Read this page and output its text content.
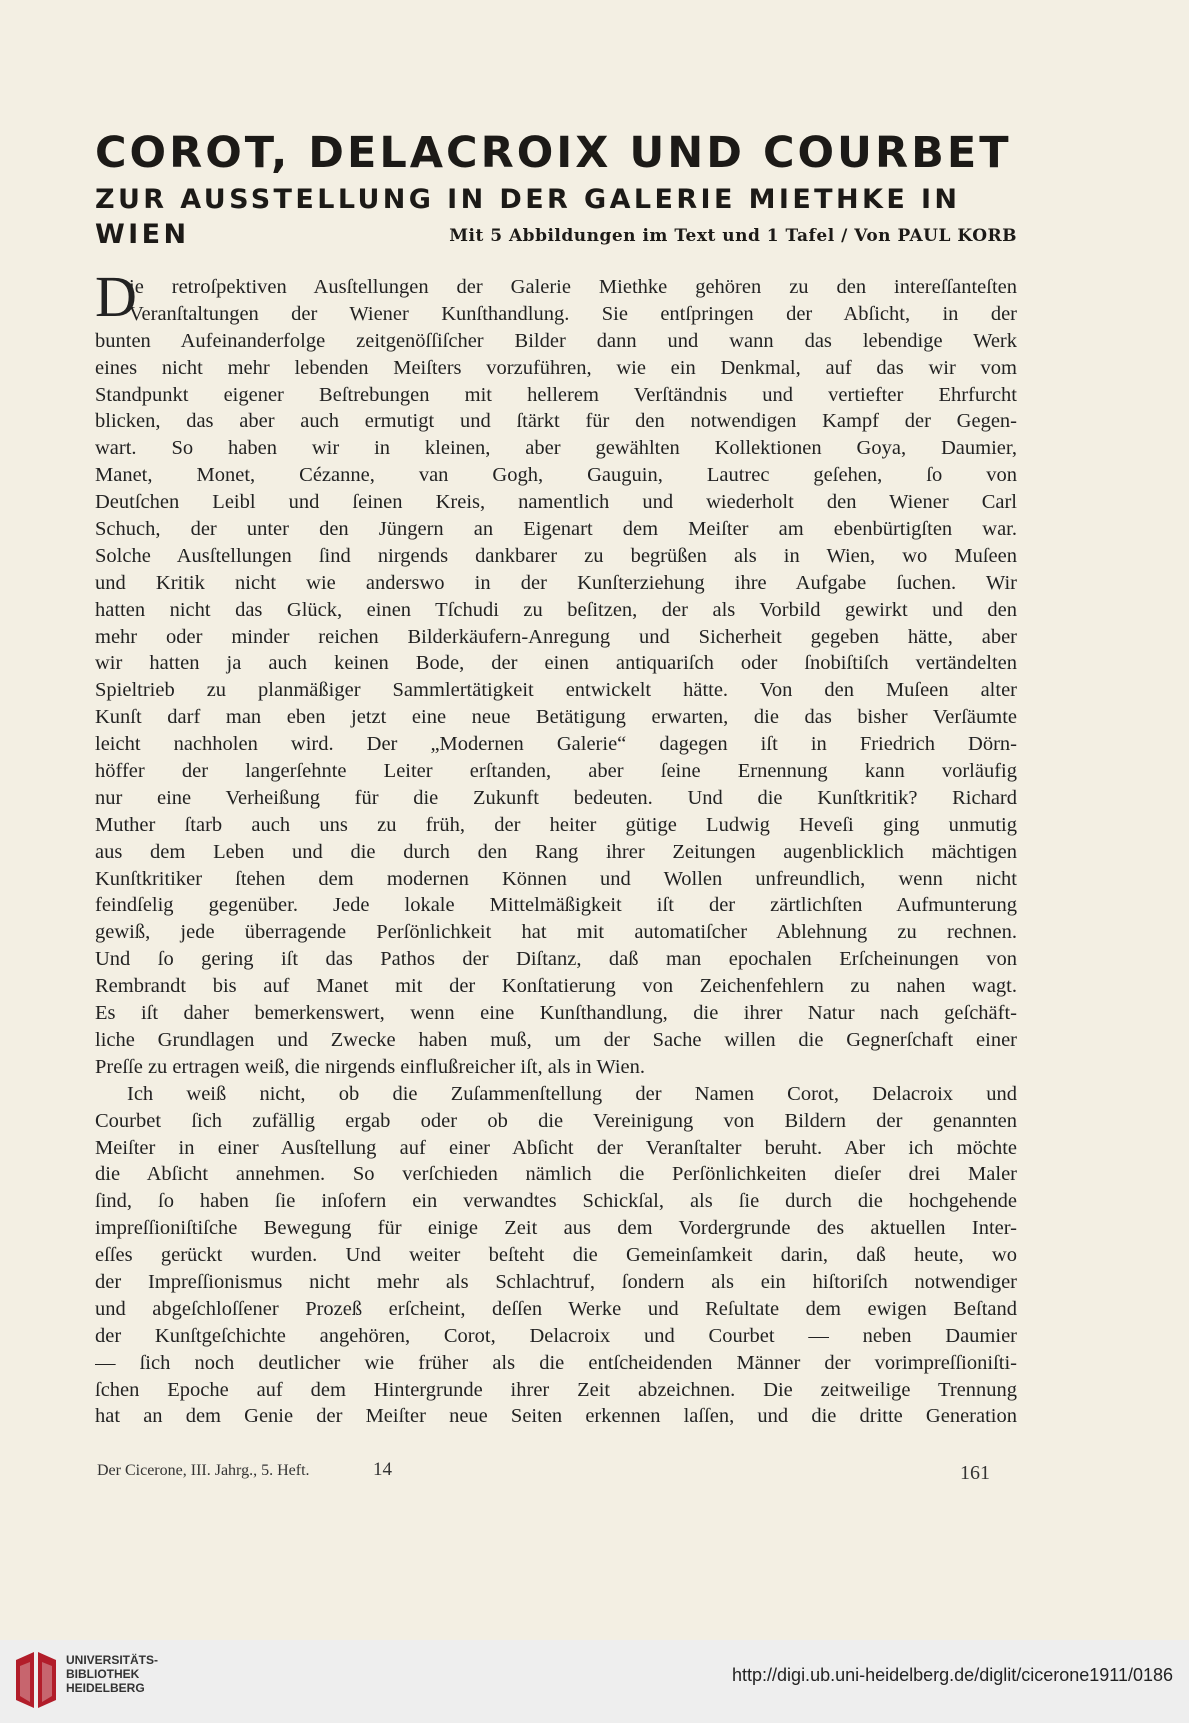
COROT, DELACROIX UND COURBET
ZUR AUSSTELLUNG IN DER GALERIE MIETHKE IN
WIEN	Mit 5 Abbildungen im Text und 1 Tafel / Von PAUL KORB
D
ie retroſpektiven Ausſtellungen der Galerie Miethke gehören zu den intereſſanteſten
Veranſtaltungen der Wiener Kunſthandlung. Sie entſpringen der Abſicht, in der
bunten Aufeinanderfolge zeitgenöſſiſcher Bilder dann und wann das lebendige Werk
eines nicht mehr lebenden Meiſters vorzuführen, wie ein Denkmal, auf das wir vom
Standpunkt eigener Beſtrebungen mit hellerem Verſtändnis und vertiefter Ehrfurcht
blicken, das aber auch ermutigt und ſtärkt für den notwendigen Kampf der Gegen-
wart. So haben wir in kleinen, aber gewählten Kollektionen Goya, Daumier,
Manet, Monet, Cézanne, van Gogh, Gauguin, Lautrec geſehen, ſo von
Deutſchen Leibl und ſeinen Kreis, namentlich und wiederholt den Wiener Carl
Schuch, der unter den Jüngern an Eigenart dem Meiſter am ebenbürtigſten war.
Solche Ausſtellungen ſind nirgends dankbarer zu begrüßen als in Wien, wo Muſeen
und Kritik nicht wie anderswo in der Kunſterziehung ihre Aufgabe ſuchen. Wir
hatten nicht das Glück, einen Tſchudi zu beſitzen, der als Vorbild gewirkt und den
mehr oder minder reichen Bilderkäufern-Anregung und Sicherheit gegeben hätte, aber
wir hatten ja auch keinen Bode, der einen antiquariſch oder ſnobiſtiſch vertändelten
Spieltrieb zu planmäßiger Sammlertätigkeit entwickelt hätte. Von den Muſeen alter
Kunſt darf man eben jetzt eine neue Betätigung erwarten, die das bisher Verſäumte
leicht nachholen wird. Der „Modernen Galerie“ dagegen iſt in Friedrich Dörn-
höffer der langerſehnte Leiter erſtanden, aber ſeine Ernennung kann vorläufig
nur eine Verheißung für die Zukunft bedeuten. Und die Kunſtkritik? Richard
Muther ſtarb auch uns zu früh, der heiter gütige Ludwig Heveſi ging unmutig
aus dem Leben und die durch den Rang ihrer Zeitungen augenblicklich mächtigen
Kunſtkritiker ſtehen dem modernen Können und Wollen unfreundlich, wenn nicht
feindſelig gegenüber. Jede lokale Mittelmäßigkeit iſt der zärtlichſten Aufmunterung
gewiß, jede überragende Perſönlichkeit hat mit automatiſcher Ablehnung zu rechnen.
Und ſo gering iſt das Pathos der Diſtanz, daß man epochalen Erſcheinungen von
Rembrandt bis auf Manet mit der Konſtatierung von Zeichenfehlern zu nahen wagt.
Es iſt daher bemerkenswert, wenn eine Kunſthandlung, die ihrer Natur nach geſchäft-
liche Grundlagen und Zwecke haben muß, um der Sache willen die Gegnerſchaft einer
Preſſe zu ertragen weiß, die nirgends einflußreicher iſt, als in Wien.
Ich weiß nicht, ob die Zuſammenſtellung der Namen Corot, Delacroix und
Courbet ſich zufällig ergab oder ob die Vereinigung von Bildern der genannten
Meiſter in einer Ausſtellung auf einer Abſicht der Veranſtalter beruht. Aber ich möchte
die Abſicht annehmen. So verſchieden nämlich die Perſönlichkeiten dieſer drei Maler
ſind, ſo haben ſie inſofern ein verwandtes Schickſal, als ſie durch die hochgehende
impreſſioniſtiſche Bewegung für einige Zeit aus dem Vordergrunde des aktuellen Inter-
eſſes gerückt wurden. Und weiter beſteht die Gemeinſamkeit darin, daß heute, wo
der Impreſſionismus nicht mehr als Schlachtruf, ſondern als ein hiſtoriſch notwendiger
und abgeſchloſſener Prozeß erſcheint, deſſen Werke und Reſultate dem ewigen Beſtand
der Kunſtgeſchichte angehören, Corot, Delacroix und Courbet — neben Daumier
— ſich noch deutlicher wie früher als die entſcheidenden Männer der vorimpreſſioniſti-
ſchen Epoche auf dem Hintergrunde ihrer Zeit abzeichnen. Die zeitweilige Trennung
hat an dem Genie der Meiſter neue Seiten erkennen laſſen, und die dritte Generation
Der Cicerone, III. Jahrg., 5. Heft.	14	161
UNIVERSITÄTS-
BIBLIOTHEK
HEIDELBERG
http://digi.ub.uni-heidelberg.de/diglit/cicerone1911/0186
